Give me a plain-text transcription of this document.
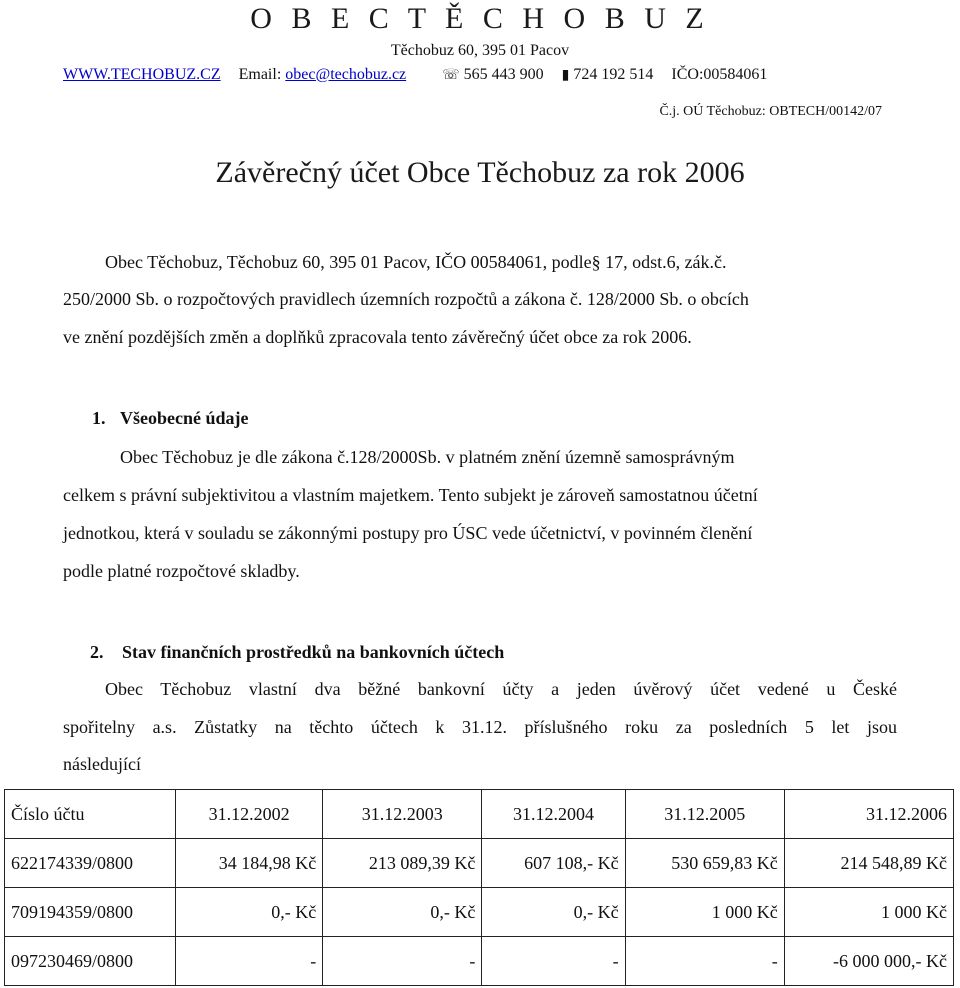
O B E C T Ě C H O B U Z
Těchobuz 60, 395 01 Pacov
WWW.TECHOBUZ.CZ Email: obec@techobuz.cz	☏ 565 443 900 ▮ 724 192 514 IČO:00584061
Č.j. OÚ Těchobuz: OBTECH/00142/07
Závěrečný účet Obce Těchobuz za rok 2006
Obec Těchobuz, Těchobuz 60, 395 01 Pacov, IČO 00584061, podle§ 17, odst.6, zák.č.
250/2000 Sb. o rozpočtových pravidlech územních rozpočtů a zákona č. 128/2000 Sb. o obcích
ve znění pozdějších změn a doplňků zpracovala tento závěrečný účet obce za rok 2006.
1. Všeobecné údaje
Obec Těchobuz je dle zákona č.128/2000Sb. v platném znění územně samosprávným
celkem s právní subjektivitou a vlastním majetkem. Tento subjekt je zároveň samostatnou účetní
jednotkou, která v souladu se zákonnými postupy pro ÚSC vede účetnictví, v povinném členění
podle platné rozpočtové skladby.
2. Stav finančních prostředků na bankovních účtech
Obec Těchobuz vlastní dva běžné bankovní účty a jeden úvěrový účet vedené u České
spořitelny a.s. Zůstatky na těchto účtech k 31.12. příslušného roku za posledních 5 let jsou
následující
Číslo účtu	31.12.2002	31.12.2003	31.12.2004	31.12.2005	31.12.2006
622174339/0800	34 184,98 Kč	213 089,39 Kč	607 108,- Kč	530 659,83 Kč	214 548,89 Kč
709194359/0800	0,- Kč	0,- Kč	0,- Kč	1 000 Kč	1 000 Kč
097230469/0800	-	-	-	-	-6 000 000,- Kč
